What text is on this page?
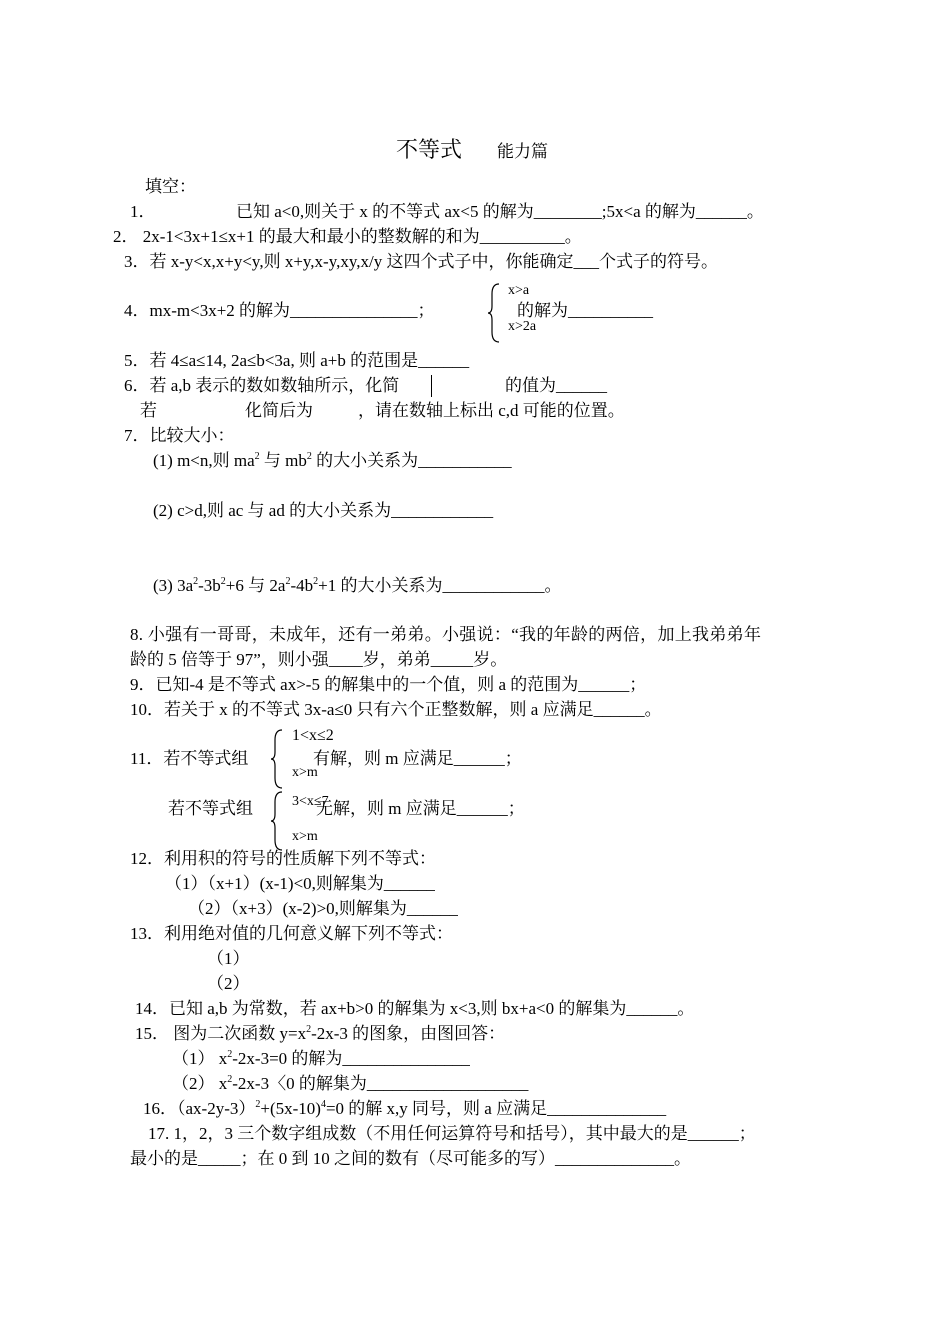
不等式 能力篇
填空：
1．	已知 a<0,则关于 x 的不等式 ax<5 的解为________;5x<a 的解为______。
2． 2x-1<3x+1≤x+1 的最大和最小的整数解的和为__________。
3．若 x-y<x,x+y<y,则 x+y,x-y,xy,x/y 这四个式子中，你能确定___个式子的符号。
4．mx-m<3x+2 的解为_______________；
x>a
的解为__________
x>2a
5．若 4≤a≤14, 2a≤b<3a, 则 a+b 的范围是______
6．若 a,b 表示的数如数轴所示，化简	的值为______
若	化简后为	，请在数轴上标出 c,d 可能的位置。
7．比较大小：
(1) m<n,则 $ma^2$ 与 $mb^2$ 的大小关系为___________
(2) c>d,则 ac 与 ad 的大小关系为____________
(3) $3a^2-3b^2+6$ 与 $2a^2-4b^2+1$ 的大小关系为____________。
8. 小强有一哥哥，未成年，还有一弟弟。小强说：“我的年龄的两倍，加上我弟弟年
龄的 5 倍等于 97”，则小强____岁，弟弟_____岁。
9．已知-4 是不等式 ax>-5 的解集中的一个值，则 a 的范围为______；
10．若关于 x 的不等式 3x-a≤0 只有六个正整数解，则 a 应满足______。
11．若不等式组
1<x≤2
有解，则 m 应满足______；
x>m
若不等式组	3<x≤7
无解，则 m 应满足______；
x>m
12．利用积的符号的性质解下列不等式：
（1）（x+1）(x-1)<0,则解集为______
（2）（x+3）(x-2)>0,则解集为______
13．利用绝对值的几何意义解下列不等式：
（1）
（2）
14．已知 a,b 为常数，若 ax+b>0 的解集为 x<3,则 bx+a<0 的解集为______。
15． 图为二次函数 $y=x^2-2x-3$ 的图象，由图回答：
（1） $x^2-2x-3=0$ 的解为_______________
（2） $x^2-2x-3$〈0 的解集为___________________
16．$(ax-2y-3)^2+(5x-10)^4=0$ 的解 x,y 同号，则 a 应满足______________
17. 1，2，3 三个数字组成数（不用任何运算符号和括号），其中最大的是______；
最小的是_____；在 0 到 10 之间的数有（尽可能多的写）______________。
